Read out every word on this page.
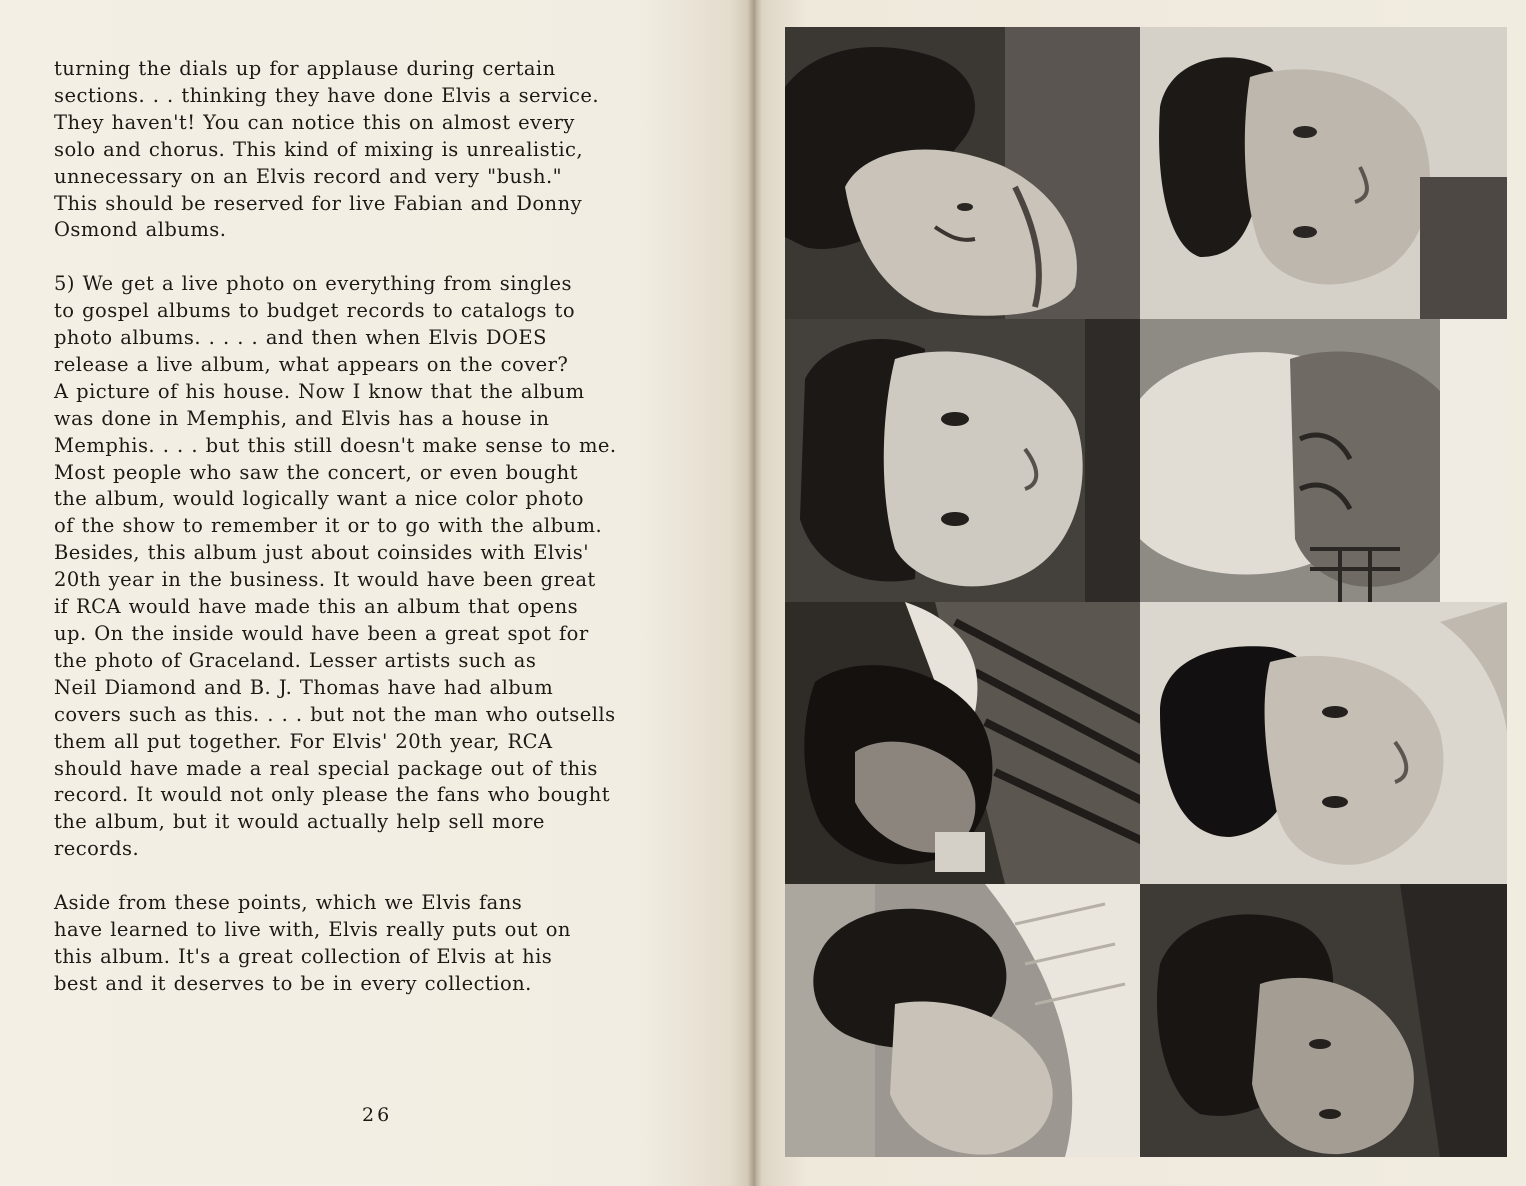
turning the dials up for applause during certain

sections. . . thinking they have done Elvis a service.

They haven't! You can notice this on almost every

solo and chorus. This kind of mixing is unrealistic,

unnecessary on an Elvis record and very "bush."

This should be reserved for live Fabian and Donny

Osmond albums.

5) We get a live photo on everything from singles

to gospel albums to budget records to catalogs to

photo albums. . . . . and then when Elvis DOES

release a live album, what appears on the cover?

A picture of his house. Now I know that the album

was done in Memphis, and Elvis has a house in

Memphis. . . . but this still doesn't make sense to me.

Most people who saw the concert, or even bought

the album, would logically want a nice color photo

of the show to remember it or to go with the album.

Besides, this album just about coinsides with Elvis'

20th year in the business. It would have been great

if RCA would have made this an album that opens

up. On the inside would have been a great spot for

the photo of Graceland. Lesser artists such as

Neil Diamond and B. J. Thomas have had album

covers such as this. . . . but not the man who outsells

them all put together. For Elvis' 20th year, RCA

should have made a real special package out of this

record. It would not only please the fans who bought

the album, but it would actually help sell more

records.

Aside from these points, which we Elvis fans

have learned to live with, Elvis really puts out on

this album. It's a great collection of Elvis at his

best and it deserves to be in every collection.

26
